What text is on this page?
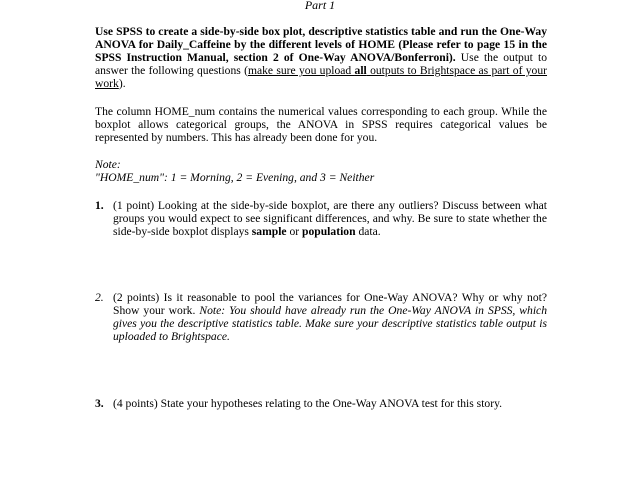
Part 1
Use SPSS to create a side-by-side box plot, descriptive statistics table and run the One-Way ANOVA for Daily_Caffeine by the different levels of HOME (Please refer to page 15 in the SPSS Instruction Manual, section 2 of One-Way ANOVA/Bonferroni). Use the output to answer the following questions (make sure you upload all outputs to Brightspace as part of your work).
The column HOME_num contains the numerical values corresponding to each group. While the boxplot allows categorical groups, the ANOVA in SPSS requires categorical values be represented by numbers. This has already been done for you.
Note:
"HOME_num": 1 = Morning, 2 = Evening, and 3 = Neither
1. (1 point) Looking at the side-by-side boxplot, are there any outliers? Discuss between what groups you would expect to see significant differences, and why. Be sure to state whether the side-by-side boxplot displays sample or population data.
2. (2 points) Is it reasonable to pool the variances for One-Way ANOVA? Why or why not? Show your work. Note: You should have already run the One-Way ANOVA in SPSS, which gives you the descriptive statistics table. Make sure your descriptive statistics table output is uploaded to Brightspace.
3. (4 points) State your hypotheses relating to the One-Way ANOVA test for this story.
